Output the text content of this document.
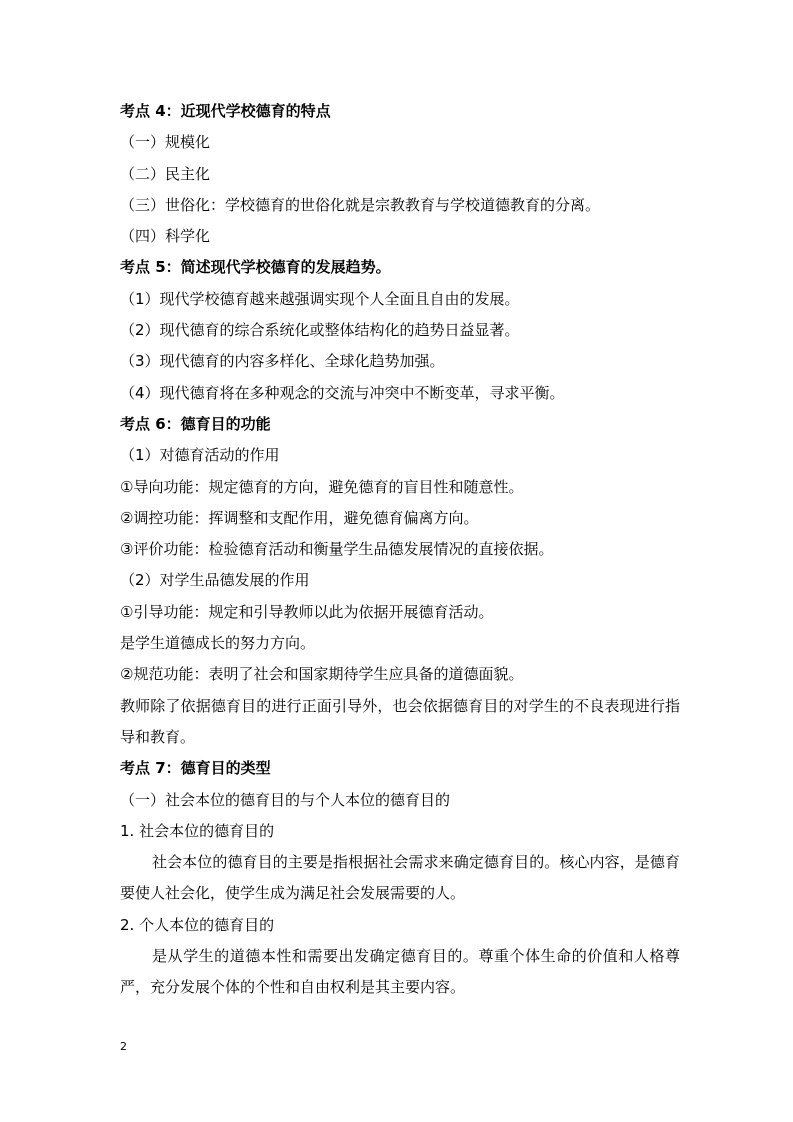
考点 4：近现代学校德育的特点
（一）规模化
（二）民主化
（三）世俗化：学校德育的世俗化就是宗教教育与学校道德教育的分离。
（四）科学化
考点 5：简述现代学校德育的发展趋势。
（1）现代学校德育越来越强调实现个人全面且自由的发展。
（2）现代德育的综合系统化或整体结构化的趋势日益显著。
（3）现代德育的内容多样化、全球化趋势加强。
（4）现代德育将在多种观念的交流与冲突中不断变革，寻求平衡。
考点 6：德育目的功能
（1）对德育活动的作用
①导向功能：规定德育的方向，避免德育的盲目性和随意性。
②调控功能：挥调整和支配作用，避免德育偏离方向。
③评价功能：检验德育活动和衡量学生品德发展情况的直接依据。
（2）对学生品德发展的作用
①引导功能：规定和引导教师以此为依据开展德育活动。
是学生道德成长的努力方向。
②规范功能：表明了社会和国家期待学生应具备的道德面貌。
教师除了依据德育目的进行正面引导外，也会依据德育目的对学生的不良表现进行指导和教育。
考点 7：德育目的类型
（一）社会本位的德育目的与个人本位的德育目的
1. 社会本位的德育目的
社会本位的德育目的主要是指根据社会需求来确定德育目的。核心内容，是德育要使人社会化，使学生成为满足社会发展需要的人。
2. 个人本位的德育目的
是从学生的道德本性和需要出发确定德育目的。尊重个体生命的价值和人格尊严，充分发展个体的个性和自由权利是其主要内容。
2
